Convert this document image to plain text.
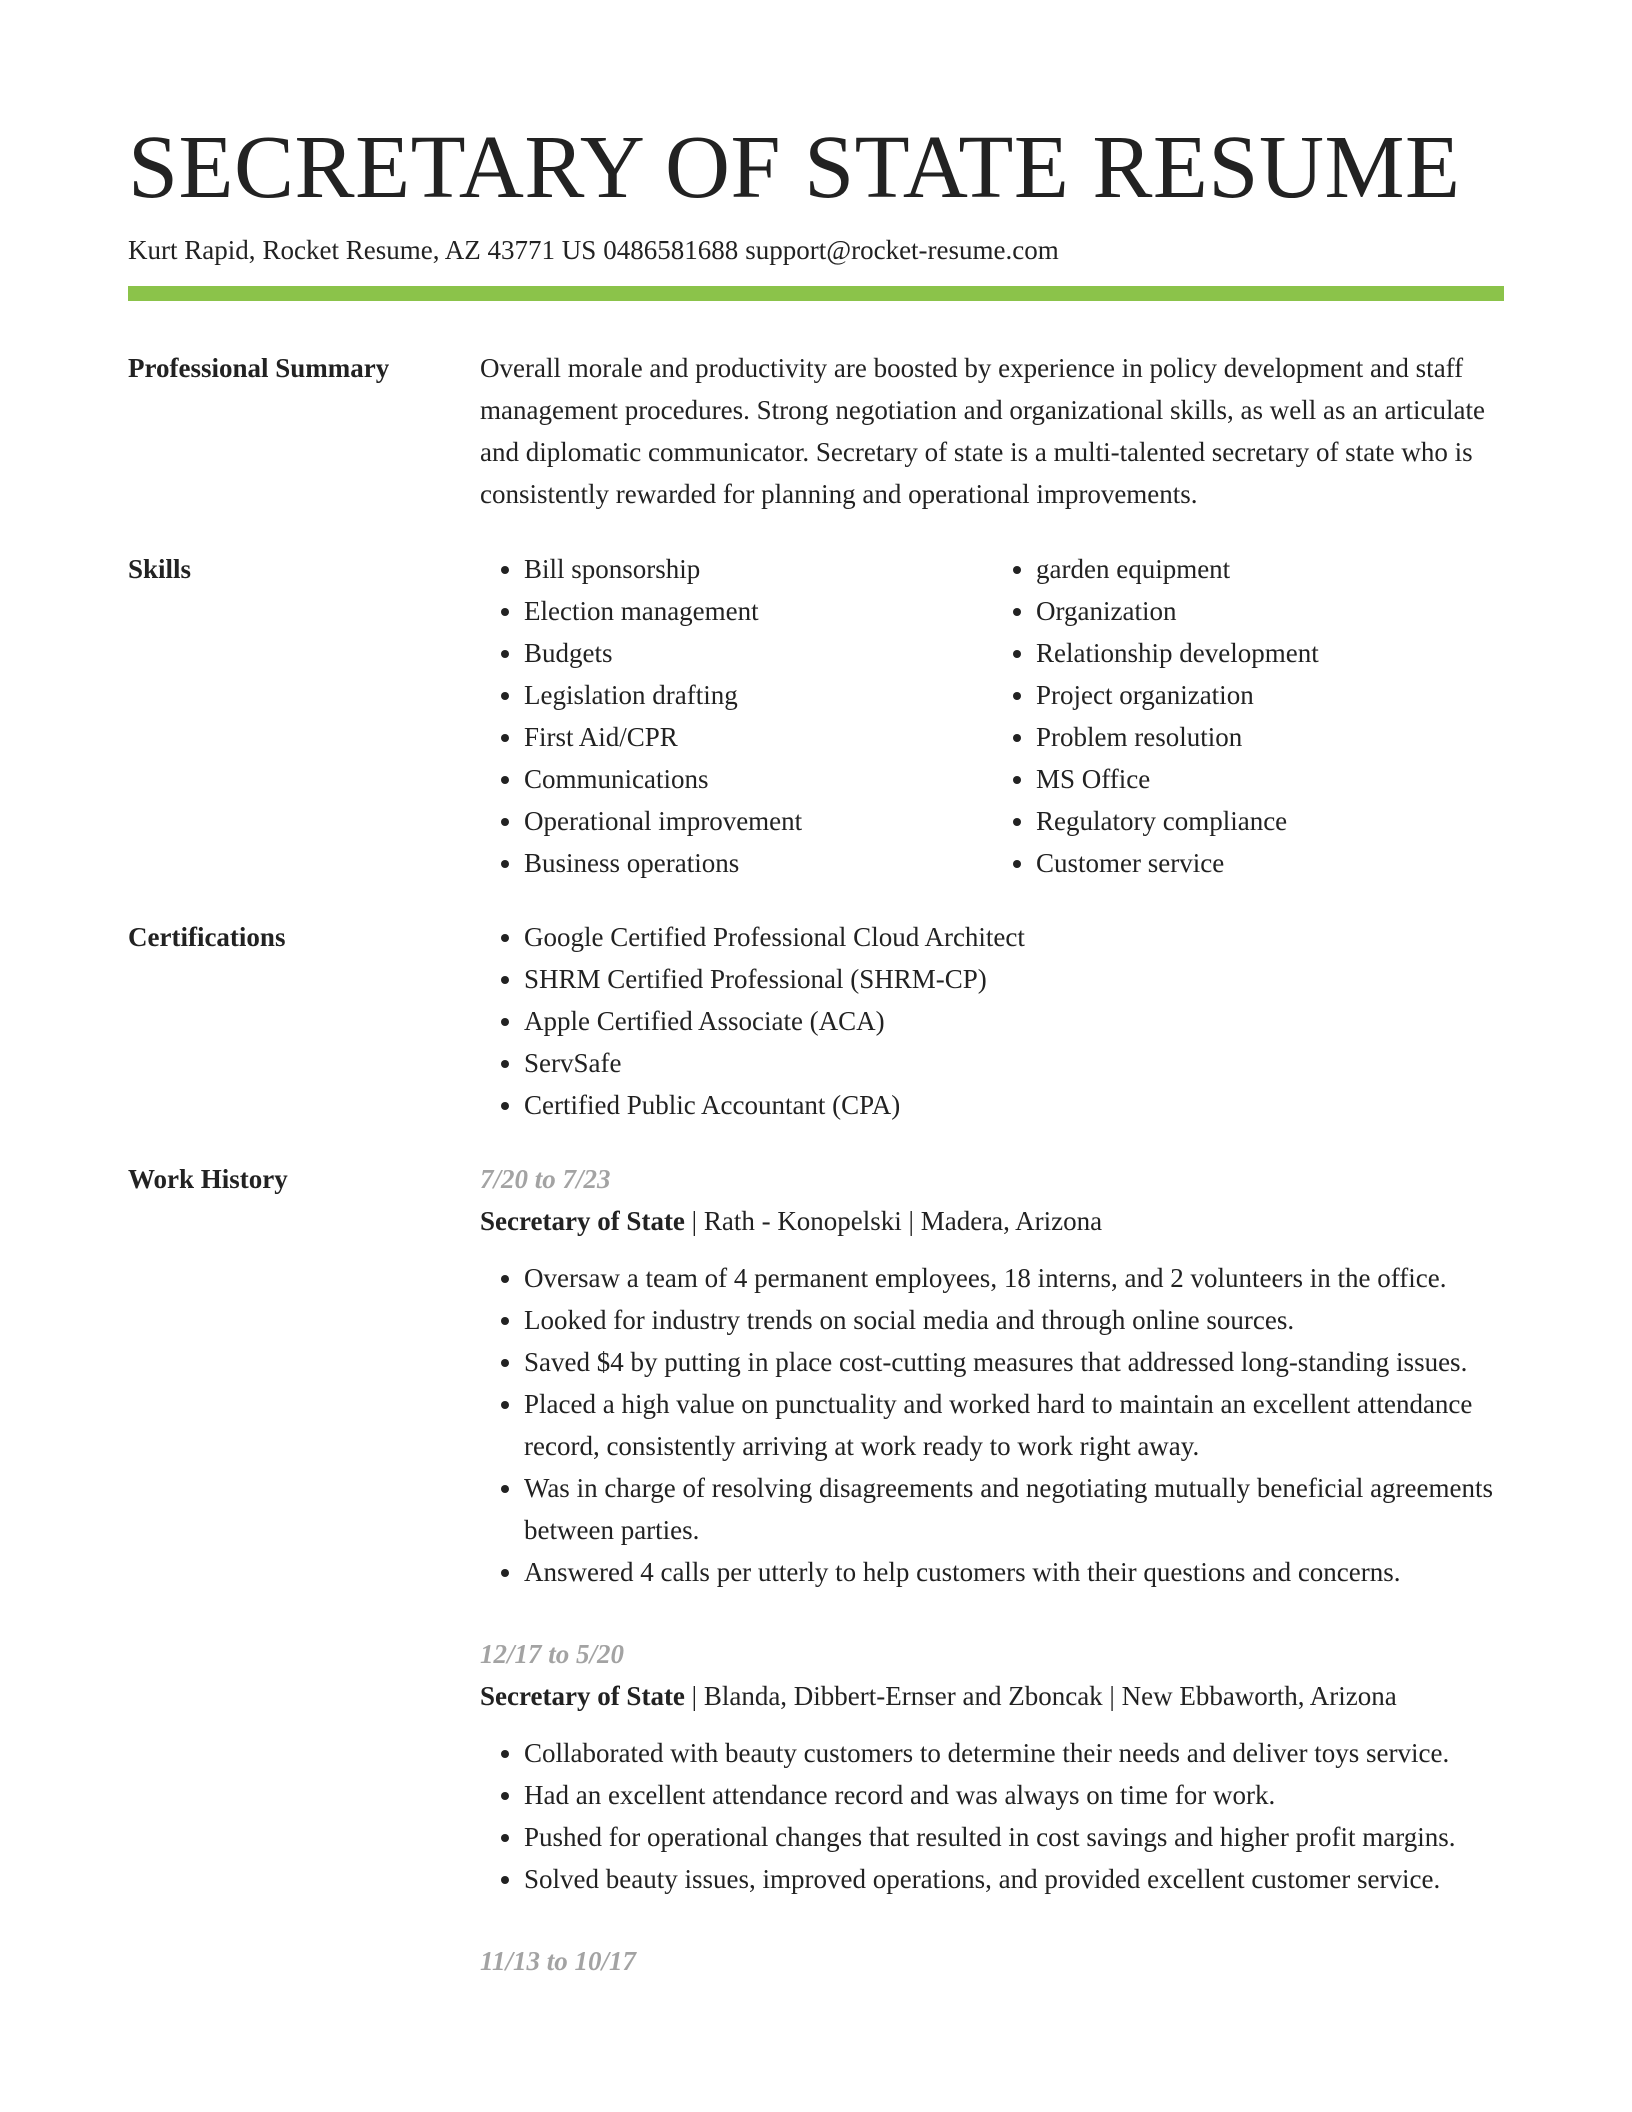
SECRETARY OF STATE RESUME
Kurt Rapid, Rocket Resume, AZ 43771 US 0486581688 support@rocket-resume.com
Professional Summary	Overall morale and productivity are boosted by experience in policy development and staff management procedures. Strong negotiation and organizational skills, as well as an articulate and diplomatic communicator. Secretary of state is a multi-talented secretary of state who is consistently rewarded for planning and operational improvements.

Skills	• Bill sponsorship
• Election management
• Budgets
• Legislation drafting
• First Aid/CPR
• Communications
• Operational improvement
• Business operations
• garden equipment
• Organization
• Relationship development
• Project organization
• Problem resolution
• MS Office
• Regulatory compliance
• Customer service
Certifications	• Google Certified Professional Cloud Architect
• SHRM Certified Professional (SHRM-CP)
• Apple Certified Associate (ACA)
• ServSafe
• Certified Public Accountant (CPA)
Work History	7/20 to 7/23
Secretary of State | Rath - Konopelski | Madera, Arizona
• Oversaw a team of 4 permanent employees, 18 interns, and 2 volunteers in the office.
• Looked for industry trends on social media and through online sources.
• Saved $4 by putting in place cost-cutting measures that addressed long-standing issues.
• Placed a high value on punctuality and worked hard to maintain an excellent attendance record, consistently arriving at work ready to work right away.
• Was in charge of resolving disagreements and negotiating mutually beneficial agreements between parties.
• Answered 4 calls per utterly to help customers with their questions and concerns.
12/17 to 5/20
Secretary of State | Blanda, Dibbert-Ernser and Zboncak | New Ebbaworth, Arizona
• Collaborated with beauty customers to determine their needs and deliver toys service.
• Had an excellent attendance record and was always on time for work.
• Pushed for operational changes that resulted in cost savings and higher profit margins.
• Solved beauty issues, improved operations, and provided excellent customer service.
11/13 to 10/17
